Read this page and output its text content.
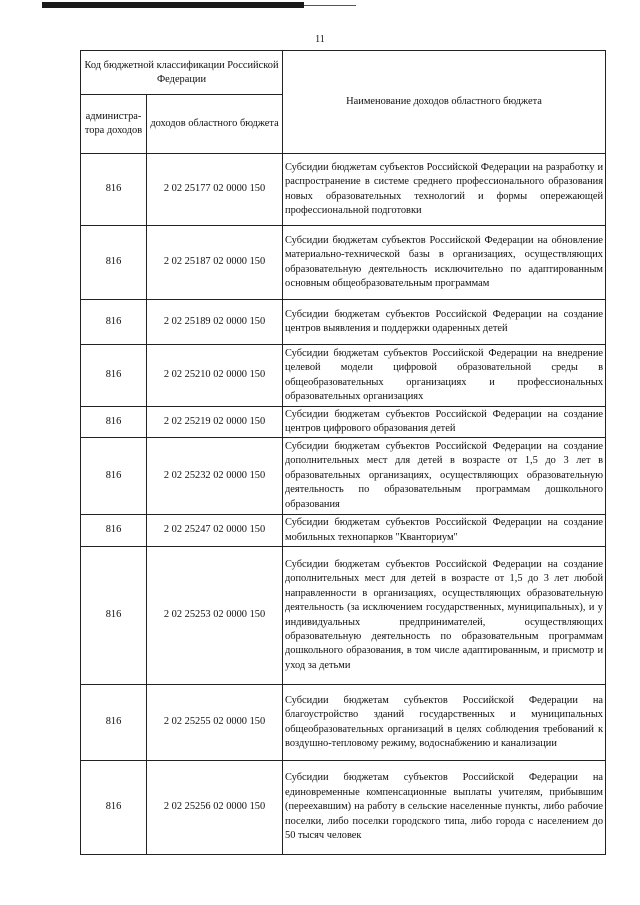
11
Код бюджетной классификации Российской Федерации		Наименование доходов областного бюджета
администра-тора доходов	доходов областного бюджета	
816	2 02 25177 02 0000 150	Субсидии бюджетам субъектов Российской Федерации на разработку и распространение в системе среднего профессионального образования новых образовательных технологий и формы опережающей профессиональной подготовки
816	2 02 25187 02 0000 150	Субсидии бюджетам субъектов Российской Федерации на обновление материально-технической базы в организациях, осуществляющих образовательную деятельность исключительно по адаптированным основным общеобразовательным программам
816	2 02 25189 02 0000 150	Субсидии бюджетам субъектов Российской Федерации на создание центров выявления и поддержки одаренных детей
816	2 02 25210 02 0000 150	Субсидии бюджетам субъектов Российской Федерации на внедрение целевой модели цифровой образовательной среды в общеобразовательных организациях и профессиональных образовательных организациях
816	2 02 25219 02 0000 150	Субсидии бюджетам субъектов Российской Федерации на создание центров цифрового образования детей
816	2 02 25232 02 0000 150	Субсидии бюджетам субъектов Российской Федерации на создание дополнительных мест для детей в возрасте от 1,5 до 3 лет в образовательных организациях, осуществляющих образовательную деятельность по образовательным программам дошкольного образования
816	2 02 25247 02 0000 150	Субсидии бюджетам субъектов Российской Федерации на создание мобильных технопарков "Кванториум"
816	2 02 25253 02 0000 150	Субсидии бюджетам субъектов Российской Федерации на создание дополнительных мест для детей в возрасте от 1,5 до 3 лет любой направленности в организациях, осуществляющих образовательную деятельность (за исключением государственных, муниципальных), и у индивидуальных предпринимателей, осуществляющих образовательную деятельность по образовательным программам дошкольного образования, в том числе адаптированным, и присмотр и уход за детьми
816	2 02 25255 02 0000 150	Субсидии бюджетам субъектов Российской Федерации на благоустройство зданий государственных и муниципальных общеобразовательных организаций в целях соблюдения требований к воздушно-тепловому режиму, водоснабжению и канализации
816	2 02 25256 02 0000 150	Субсидии бюджетам субъектов Российской Федерации на единовременные компенсационные выплаты учителям, прибывшим (переехавшим) на работу в сельские населенные пункты, либо рабочие поселки, либо поселки городского типа, либо города с населением до 50 тысяч человек
